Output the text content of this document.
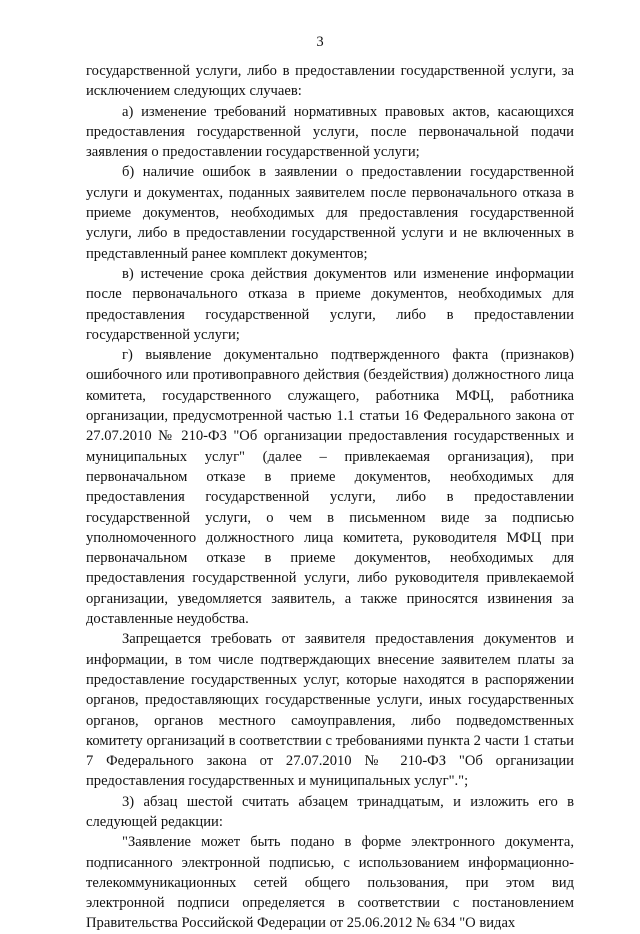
3

государственной услуги, либо в предоставлении государственной услуги, за исключением следующих случаев:

а) изменение требований нормативных правовых актов, касающихся предоставления государственной услуги, после первоначальной подачи заявления о предоставлении государственной услуги;

б) наличие ошибок в заявлении о предоставлении государственной услуги и документах, поданных заявителем после первоначального отказа в приеме документов, необходимых для предоставления государственной услуги, либо в предоставлении государственной услуги и не включенных в представленный ранее комплект документов;

в) истечение срока действия документов или изменение информации после первоначального отказа в приеме документов, необходимых для предоставления государственной услуги, либо в предоставлении государственной услуги;

г) выявление документально подтвержденного факта (признаков) ошибочного или противоправного действия (бездействия) должностного лица комитета, государственного служащего, работника МФЦ, работника организации, предусмотренной частью 1.1 статьи 16 Федерального закона от 27.07.2010 № 210-ФЗ "Об организации предоставления государственных и муниципальных услуг" (далее – привлекаемая организация), при первоначальном отказе в приеме документов, необходимых для предоставления государственной услуги, либо в предоставлении государственной услуги, о чем в письменном виде за подписью уполномоченного должностного лица комитета, руководителя МФЦ при первоначальном отказе в приеме документов, необходимых для предоставления государственной услуги, либо руководителя привлекаемой организации, уведомляется заявитель, а также приносятся извинения за доставленные неудобства.

Запрещается требовать от заявителя предоставления документов и информации, в том числе подтверждающих внесение заявителем платы за предоставление государственных услуг, которые находятся в распоряжении органов, предоставляющих государственные услуги, иных государственных органов, органов местного самоуправления, либо подведомственных комитету организаций в соответствии с требованиями пункта 2 части 1 статьи 7 Федерального закона от 27.07.2010 № 210-ФЗ "Об организации предоставления государственных и муниципальных услуг".";

3) абзац шестой считать абзацем тринадцатым, и изложить его в следующей редакции:

"Заявление может быть подано в форме электронного документа, подписанного электронной подписью, с использованием информационно-телекоммуникационных сетей общего пользования, при этом вид электронной подписи определяется в соответствии с постановлением Правительства Российской Федерации от 25.06.2012 № 634 "О видах
